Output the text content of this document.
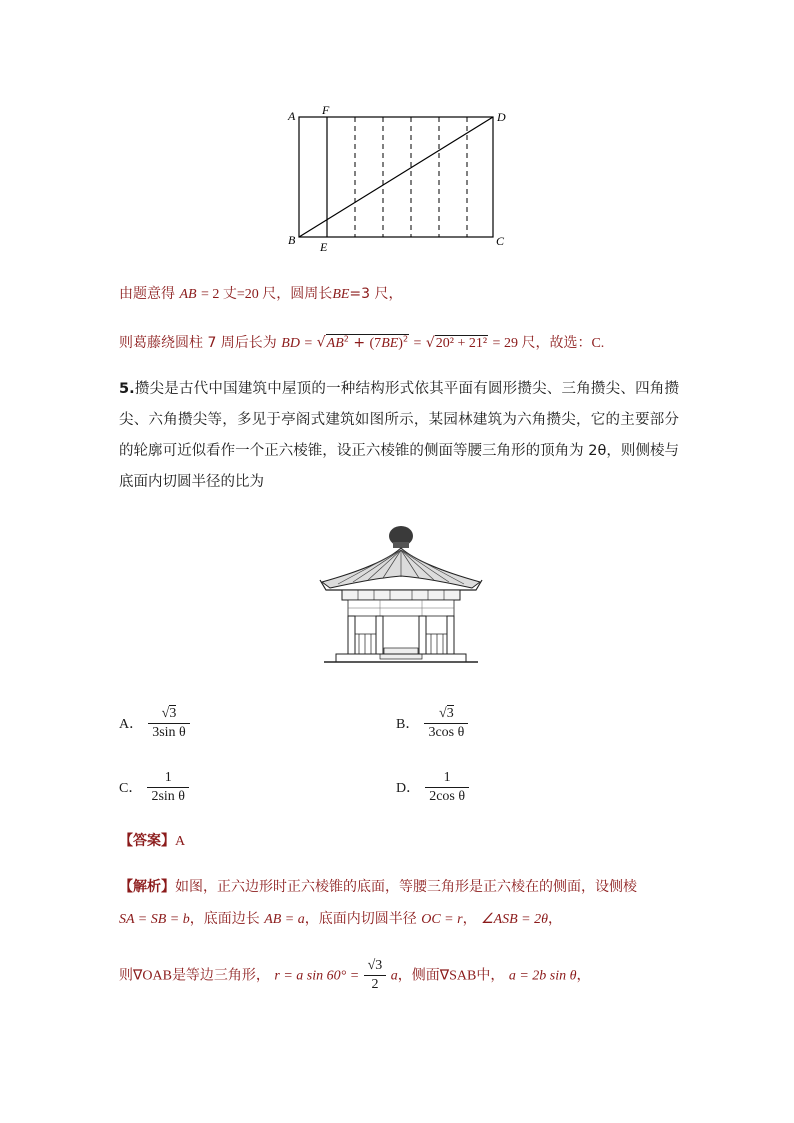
A F	D
B E	C
由题意得 AB = 2 丈=20 尺，圆周长BE=3 尺，
则葛藤绕圆柱 7 周后长为 BD = $√AB^2 + (7BE)^2 = √20^2 + 21^2 = 29$ 尺，故选：C.
5.攒尖是古代中国建筑中屋顶的一种结构形式依其平面有圆形攒尖、三角攒尖、四角攒尖、六角攒尖等，多见于亭阁式建筑如图所示，某园林建筑为六角攒尖，它的主要部分的轮廓可近似看作一个正六棱锥，设正六棱锥的侧面等腰三角形的顶角为 2θ，则侧棱与底面内切圆半径的比为
A． $\frac{√3}{\text{3sin θ}}$	B． $\frac{√3}{\text{3cos θ}}$
C． $\frac{1}{\text{2sin θ}}$	D． $\frac{1}{\text{2cos θ}}$
【答案】A
【解析】如图，正六边形时正六棱锥的底面，等腰三角形是正六棱在的侧面，设侧棱
SA = SB = b，底面边长 AB = a，底面内切圆半径 OC = r， ∠ASB = 2θ，
则∇OAB是等边三角形， r = a $\sin 60^\circ = \frac{√3}{2}$ a，侧面∇SAB中， a = 2b sin θ，
